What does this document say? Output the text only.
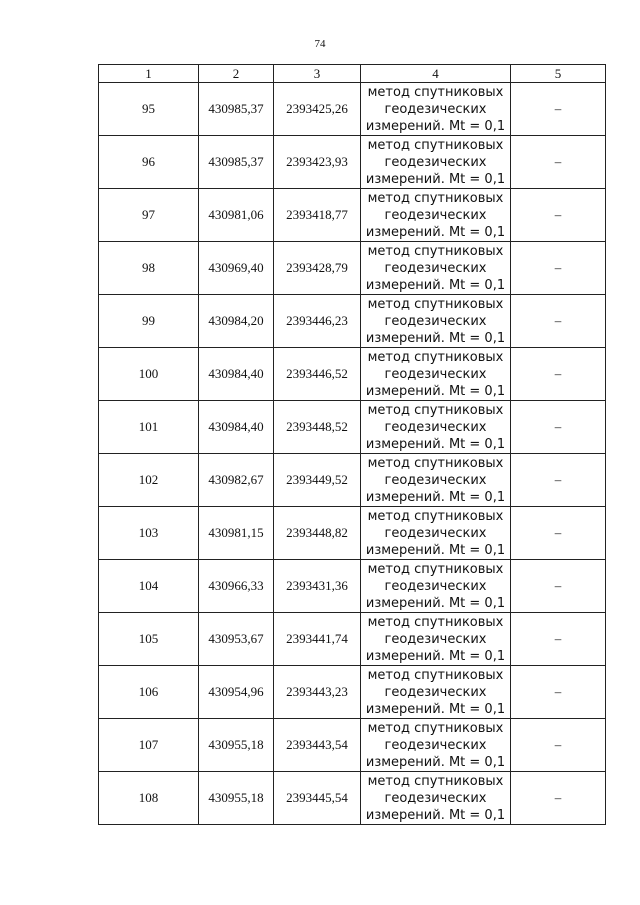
74
1	2	3	4	5
95	430985,37	2393425,26	метод спутниковых геодезических измерений. Mt = 0,1	–
96	430985,37	2393423,93	метод спутниковых геодезических измерений. Mt = 0,1	–
97	430981,06	2393418,77	метод спутниковых геодезических измерений. Mt = 0,1	–
98	430969,40	2393428,79	метод спутниковых геодезических измерений. Mt = 0,1	–
99	430984,20	2393446,23	метод спутниковых геодезических измерений. Mt = 0,1	–
100	430984,40	2393446,52	метод спутниковых геодезических измерений. Mt = 0,1	–
101	430984,40	2393448,52	метод спутниковых геодезических измерений. Mt = 0,1	–
102	430982,67	2393449,52	метод спутниковых геодезических измерений. Mt = 0,1	–
103	430981,15	2393448,82	метод спутниковых геодезических измерений. Mt = 0,1	–
104	430966,33	2393431,36	метод спутниковых геодезических измерений. Mt = 0,1	–
105	430953,67	2393441,74	метод спутниковых геодезических измерений. Mt = 0,1	–
106	430954,96	2393443,23	метод спутниковых геодезических измерений. Mt = 0,1	–
107	430955,18	2393443,54	метод спутниковых геодезических измерений. Mt = 0,1	–
108	430955,18	2393445,54	метод спутниковых геодезических измерений. Mt = 0,1	–
